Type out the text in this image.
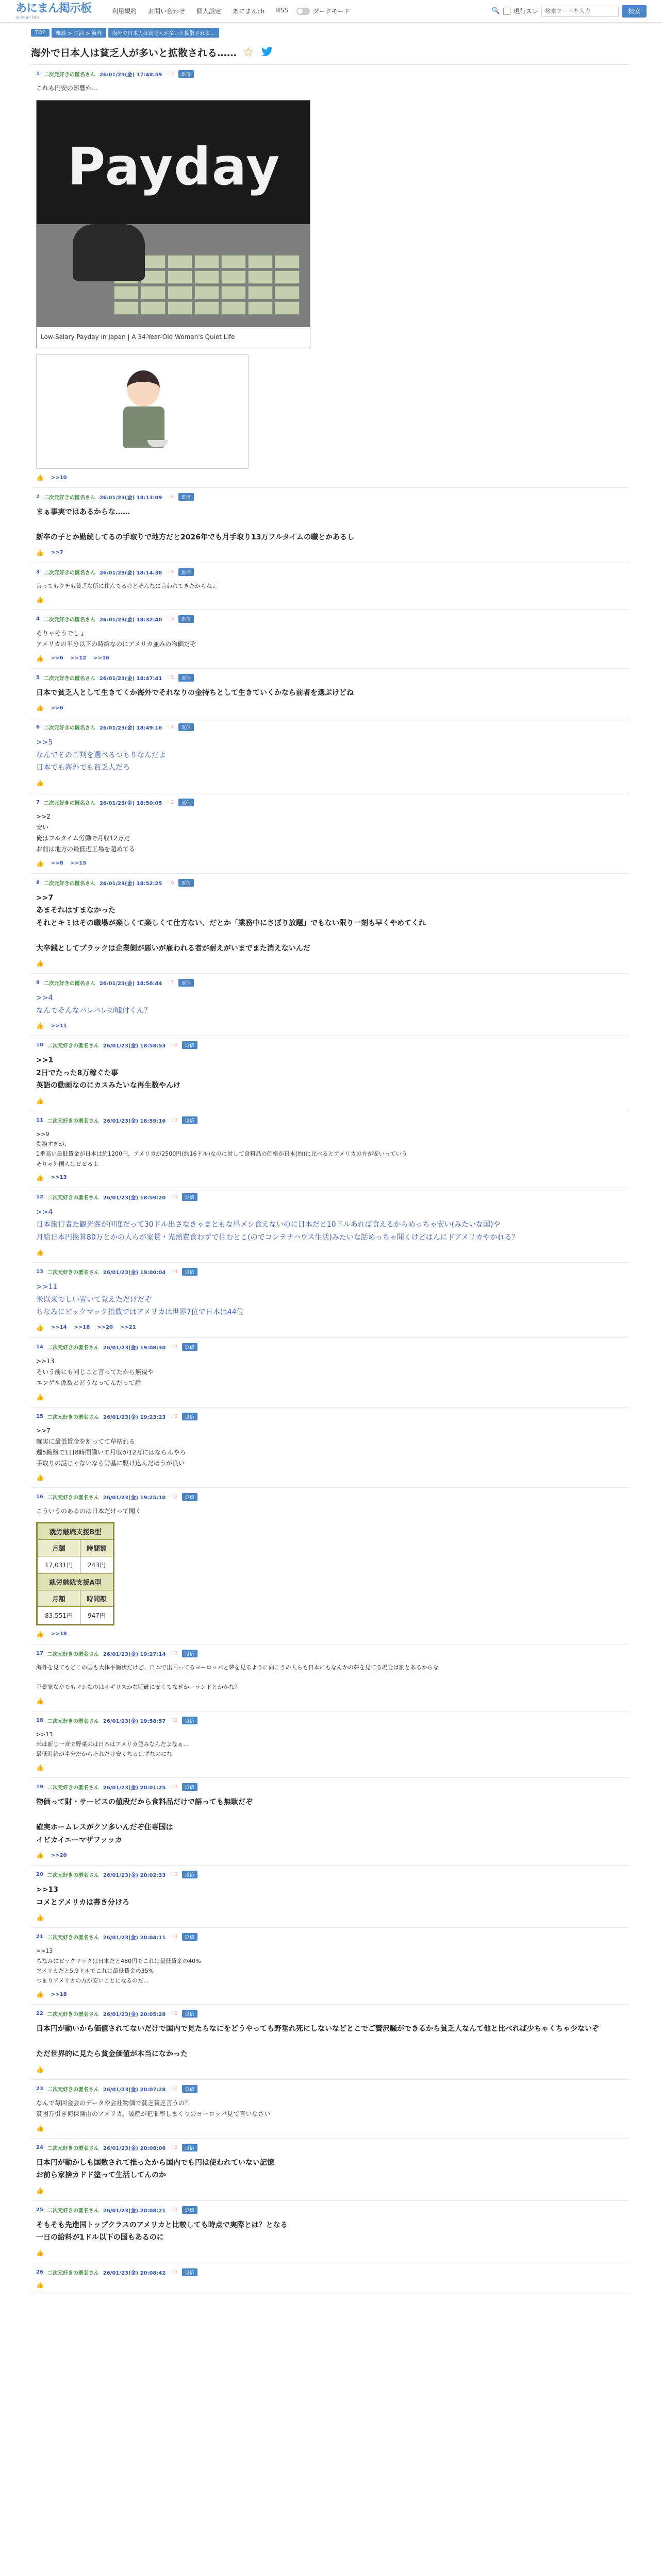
あにまん掲示板
animan bbs
利用規約 お問い合わせ 個人設定 あにまんch RSS	ダークモード	🔍 現行スレ
検索ワードを入力	検索
TOP	雑談 > 生活 > 海外	海外で日本人は貧乏人が多いと拡散される...
海外で日本人は貧乏人が多いと拡散される…… ☆
1 二次元好きの匿名さん 26/01/23(金) 17:48:59 ♡5	返信
これも円安の影響か…
Payday
Low-Salary Payday in Japan | A 34-Year-Old Woman's Quiet Life
👍 >>10
2 二次元好きの匿名さん 26/01/23(金) 18:13:09 ♡4	返信
まぁ事実ではあるからな……

新卒の子とか勤続してるの手取りで地方だと2026年でも月手取り13万フルタイムの職とかあるし
👍 >>7
3 二次元好きの匿名さん 26/01/23(金) 18:14:38 ♡4	返信
言ってもウチも貧乏な所に住んでるけどそんなに言われてきたからねぇ
👍
4 二次元好きの匿名さん 26/01/23(金) 18:32:40 ♡3	返信
そりゃそうでしょ
アメリカの半分以下の時給なのにアメリカ並みの物価だぞ
👍 >>6 >>12 >>16
5 二次元好きの匿名さん 26/01/23(金) 18:47:41 ♡5	返信
日本で貧乏人として生きてくか海外でそれなりの金持ちとして生きていくかなら前者を選ぶけどね
👍 >>6
6 二次元好きの匿名さん 26/01/23(金) 18:49:16 ♡4	返信
>>5
なんでそのご判を選べるつもりなんだよ
日本でも海外でも貧乏人だろ
👍
7 二次元好きの匿名さん 26/01/23(金) 18:50:05 ♡2	返信
>>2
安い
俺はフルタイム労働で月収12万だ
お前は地方の最低近工場を超めてる
👍 >>8 >>15
8 二次元好きの匿名さん 26/01/23(金) 18:52:25 ♡6	返信
>>7
あまそれはすまなかった
それとキミはその職場が楽しくて楽しくて仕方ない、だとか「業務中にさぼり放題」でもない限り一刻も早くやめてくれ

大卒銭としてブラックは企業側が悪いが雇われる者が耐えがいまでまた消えないんだ
👍
9 二次元好きの匿名さん 26/01/23(金) 18:56:44 ♡7	返信
>>4
なんでそんなバレバレの嘘付くん？
👍 >>11
10 二次元好きの匿名さん 26/01/23(金) 18:58:53 ♡2	返信
>>1
2日でたった8万稼ぐた事
英語の動画なのにカスみたいな再生数やんけ
👍
11 二次元好きの匿名さん 26/01/23(金) 18:59:16 ♡3	返信
>>9
勤務すぎが、
1番高い最低賃金が日本は約1200円、アメリカが2500円(約16ドル)なのに対して食料品の価格が日本(約)に比べるとアメリカの方が安いっていう
そりゃ外国人はビビるよ
👍 >>13
12 二次元好きの匿名さん 26/01/23(金) 18:59:20 ♡3	返信
>>4
日本旅行者た観光客が何度だって30ドル出さなきゃまともな昼メシ食えないのに日本だと10ドルあれば食えるからめっちゃ安い(みたいな国)や
月給日本円換算80万とかの人らが家賃・光熱費食わずで住むとこ(のでコンテナハウス生活)みたいな話めっちゃ聞くけどはんにドアメリカやかれる？
👍
13 二次元好きの匿名さん 26/01/23(金) 19:00:04 ♡4	返信
>>11
米以来でしい置いて覚えただけだぞ
ちなみにビックマック指数ではアメリカは世界7位で日本は44位
👍 >>14 >>18 >>20 >>21
14 二次元好きの匿名さん 26/01/23(金) 19:08:30 ♡3	返信
>>13
そいう前にも同じこと言ってたから無視や
エンゲル係数とどうなってんだって話
👍
15 二次元好きの匿名さん 26/01/23(金) 19:23:23 ♡3	返信
>>7
確実に最低賃金を割ってて草枯れる
週5勤務で1日8時間働いて月収が12万にはならんやろ
手取りの話じゃないなら労基に駆け込んだほうが良い
👍
16 二次元好きの匿名さん 26/01/23(金) 19:25:10 ♡2	返信
こういうのあるのは日本だけって聞く
就労継続支援B型	
月額	時間額
17,031円	243円
就労継続支援A型	
月額	時間額
83,551円	947円
👍 >>18
17 二次元好きの匿名さん 26/01/23(金) 19:27:14 ♡3	返信
海外を見てもどこの国も大体平衡状だけど、日本で出回ってるヨーロッパと夢を見るように向こうの人らも日本にもなんかの夢を見てる場合は割とあるからな

不景気なやでもマシなのはイギリスかな明確に安くてなぜかーランドとかかな？
👍
18 二次元好きの匿名さん 26/01/23(金) 19:58:57 ♡2	返信
>>13
米は新じ一斉で野菜のは日本はアメリカ並みなんだよなぁ...
最低時給が半分だからそれだけ安くなるはずなのにな
👍
19 二次元好きの匿名さん 26/01/23(金) 20:01:25 ♡3	返信
物価って財・サービスの値段だから食料品だけで語っても無駄だぞ

確実ホームレスがクソ多いんだぞ住専国は
イビカイエーマザファッカ
👍 >>20
20 二次元好きの匿名さん 26/01/23(金) 20:02:33 ♡3	返信
>>13
コメとアメリカは書き分けろ
👍
21 二次元好きの匿名さん 26/01/23(金) 20:04:11 ♡3	返信
>>13
ちなみにビックマックは日本だと480円でこれは最低賃金の40%
アメリカだと5.9ドルでこれは最低賃金の35%
つまりアメリカの方が安いことになるのだ...
👍 >>18
22 二次元好きの匿名さん 26/01/23(金) 20:05:28 ♡2	返信
日本円が動いから価値されてないだけで国内で見たらなにをどうやっても野垂れ死にしないなどとこでご贅沢騒ができるから貧乏人なんて他と比べれば少ちゃくちゃ少ないぞ

ただ世界的に見たら貧金価値が本当になかった
👍
23 二次元好きの匿名さん 26/01/23(金) 20:07:28 ♡2	返信
なんで毎回金会のデータや会社物価で貧乏貧乏言うの？
貧困万引き何保険由のアメリカ、破産が犯罪率しまくりのヨーロッパ見て言いなさい
👍
24 二次元好きの匿名さん 26/01/23(金) 20:08:06 ♡2	返信
日本円が動かしも国数されて推ったから国内でも円は使われていない記憶
お前ら家捨カドド塗って生活してんのか
👍
25 二次元好きの匿名さん 26/01/23(金) 20:08:21 ♡3	返信
そもそも先進国トップクラスのアメリカと比較しても時点で実際とは？となる
一日の給料が1ドル以下の国もあるのに
👍
26 二次元好きの匿名さん 26/01/23(金) 20:08:42 ♡3	返信
👍
